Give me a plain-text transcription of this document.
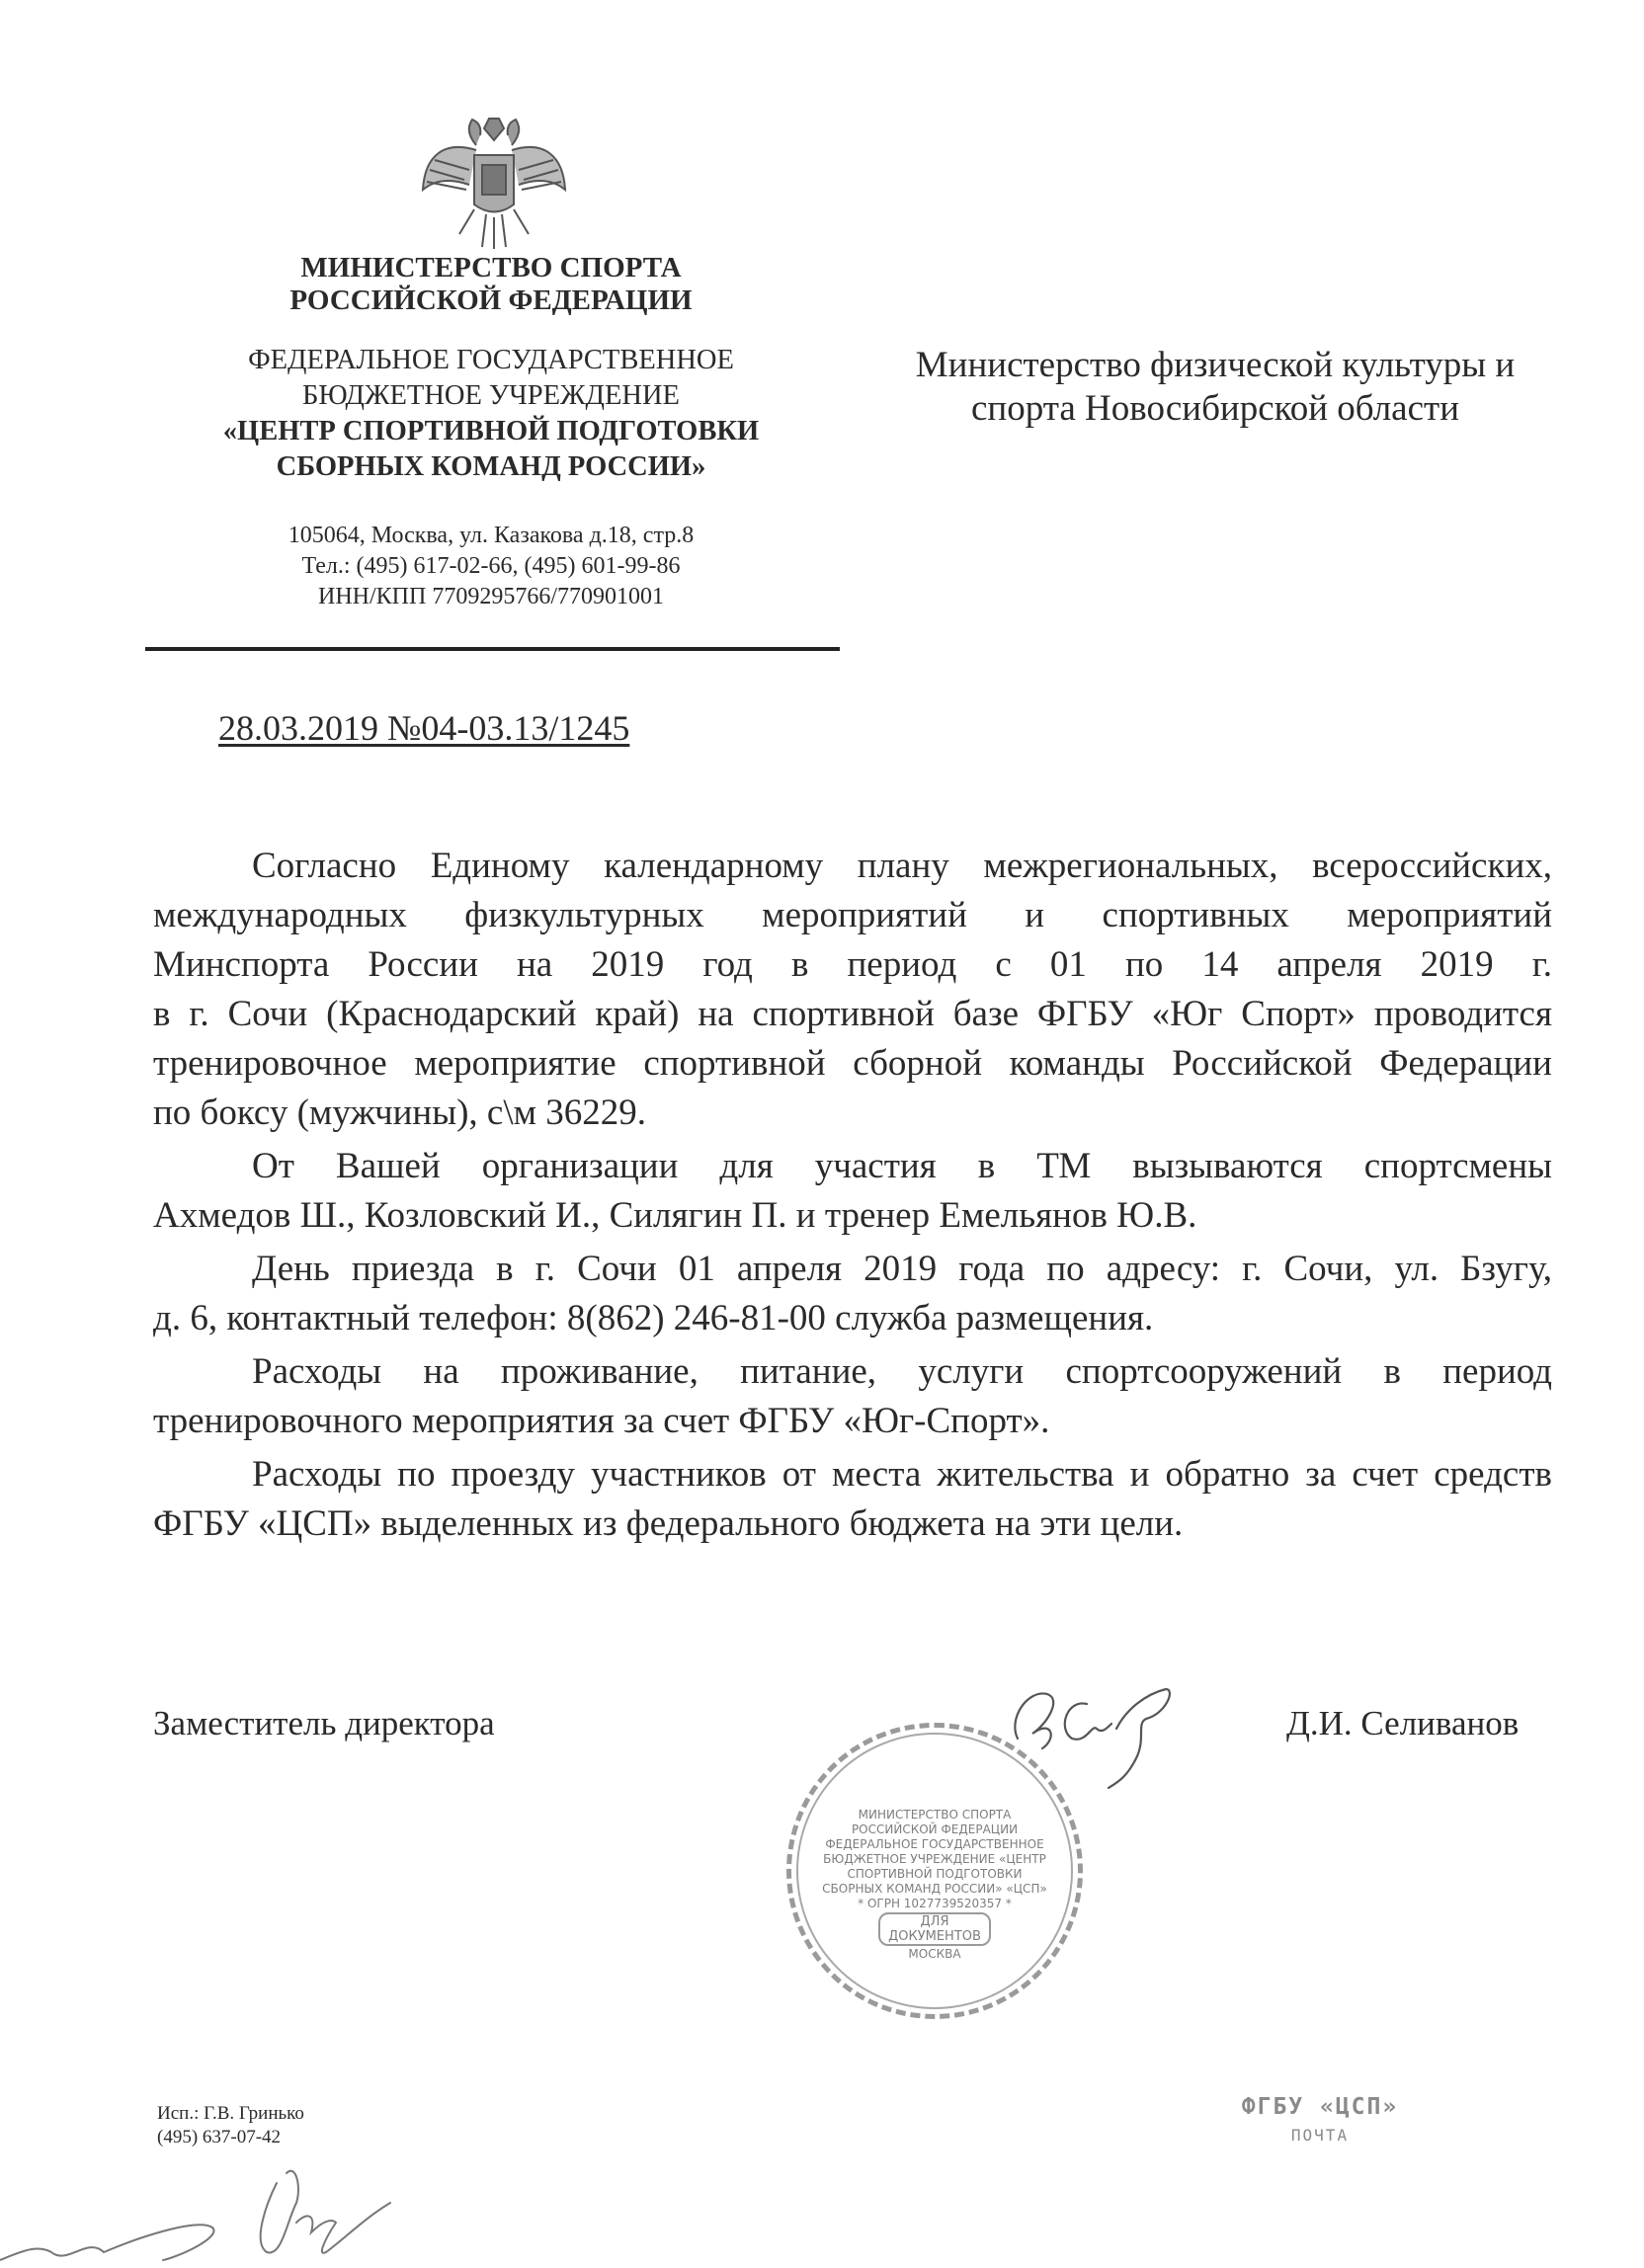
МИНИСТЕРСТВО СПОРТА
РОССИЙСКОЙ ФЕДЕРАЦИИ
ФЕДЕРАЛЬНОЕ ГОСУДАРСТВЕННОЕ
БЮДЖЕТНОЕ УЧРЕЖДЕНИЕ
«ЦЕНТР СПОРТИВНОЙ ПОДГОТОВКИ
СБОРНЫХ КОМАНД РОССИИ»
105064, Москва, ул. Казакова д.18, стр.8
Тел.: (495) 617-02-66, (495) 601-99-86
ИНН/КПП 7709295766/770901001
Министерство физической культуры и
спорта Новосибирской области
28.03.2019 №04-03.13/1245
Согласно Единому календарному плану межрегиональных, всероссийских,
международных физкультурных мероприятий и спортивных мероприятий
Минспорта России на 2019 год в период с 01 по 14 апреля 2019 г.
в г. Сочи (Краснодарский край) на спортивной базе ФГБУ «Юг Спорт» проводится
тренировочное мероприятие спортивной сборной команды Российской Федерации
по боксу (мужчины), с\м 36229.
От Вашей организации для участия в ТМ вызываются спортсмены
Ахмедов Ш., Козловский И., Силягин П. и тренер Емельянов Ю.В.
День приезда в г. Сочи 01 апреля 2019 года по адресу: г. Сочи, ул. Бзугу,
д. 6, контактный телефон: 8(862) 246-81-00 служба размещения.
Расходы на проживание, питание, услуги спортсооружений в период
тренировочного мероприятия за счет ФГБУ «Юг-Спорт».
Расходы по проезду участников от места жительства и обратно за счет средств
ФГБУ «ЦСП» выделенных из федерального бюджета на эти цели.
Заместитель директора	Д.И. Селиванов
МИНИСТЕРСТВО СПОРТА РОССИЙСКОЙ ФЕДЕРАЦИИ
ФЕДЕРАЛЬНОЕ ГОСУДАРСТВЕННОЕ БЮДЖЕТНОЕ УЧРЕЖДЕНИЕ «ЦЕНТР СПОРТИВНОЙ ПОДГОТОВКИ СБОРНЫХ КОМАНД РОССИИ» «ЦСП»
* ОГРН 1027739520357 *
ДЛЯ
ДОКУМЕНТОВ
МОСКВА
Исп.: Г.В. Гринько
(495) 637-07-42
ФГБУ «ЦСП»
ПОЧТА
